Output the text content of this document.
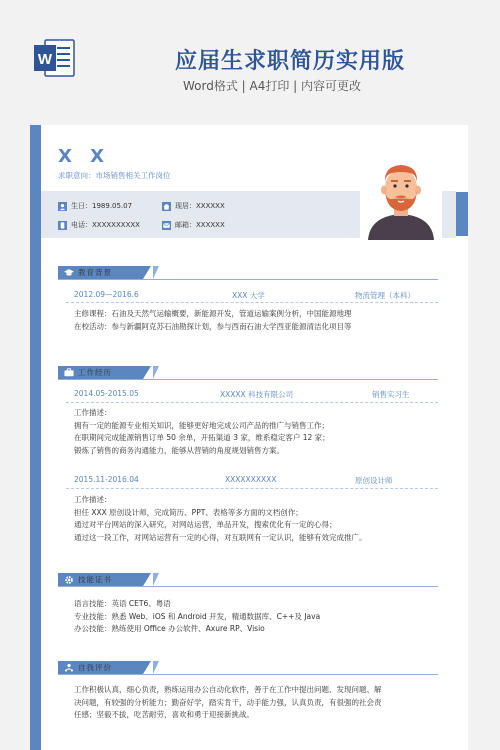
W	应届生求职简历实用版
Word格式 | A4打印 | 内容可更改
X X
求职意向：市场销售相关工作岗位
生日： 1989.05.07
电话： XXXXXXXXXX
现居： XXXXXX
邮箱： XXXXXX
教育背景
2012.09—2016.6	XXX 大学	物流管理（本科）
主修课程：石油及天然气运输概要，新能源开发，管道运输案例分析，中国能源地理
在校活动：参与新疆阿克苏石油勘探计划，参与西南石油大学西亚能源清洁化项目等
工作经历
2014.05-2015.05	XXXXX 科技有限公司	销售实习生
工作描述：
拥有一定的能源专业相关知识，能够更好地完成公司产品的推广与销售工作；
在职期间完成能源销售订单 50 余单，开拓渠道 3 家，维系稳定客户 12 家；
锻炼了销售的商务沟通能力，能够从营销的角度规划销售方案。
2015.11-2016.04	XXXXXXXXXX	原创设计师
工作描述：
担任 XXX 原创设计师，完成简历、PPT、表格等多方面的文档创作；
通过对平台网站的深入研究，对网站运营，单品开发，搜索优化有一定的心得；
通过这一段工作，对网站运营有一定的心得，对互联网有一定认识，能够有效完成推广。
技能证书
语言技能：英语 CET6、粤语
专业技能：熟悉 Web、iOS 和 Android 开发，精通数据库、C++及 Java
办公技能：熟练使用 Office 办公软件、Axure RP、Visio
自我评价
工作积极认真，细心负责，熟练运用办公自动化软件，善于在工作中提出问题、发现问题、解
决问题，有较强的分析能力；勤奋好学，踏实肯干，动手能力强，认真负责，有很强的社会责
任感；坚毅不拔，吃苦耐劳，喜欢和勇于迎接新挑战。
